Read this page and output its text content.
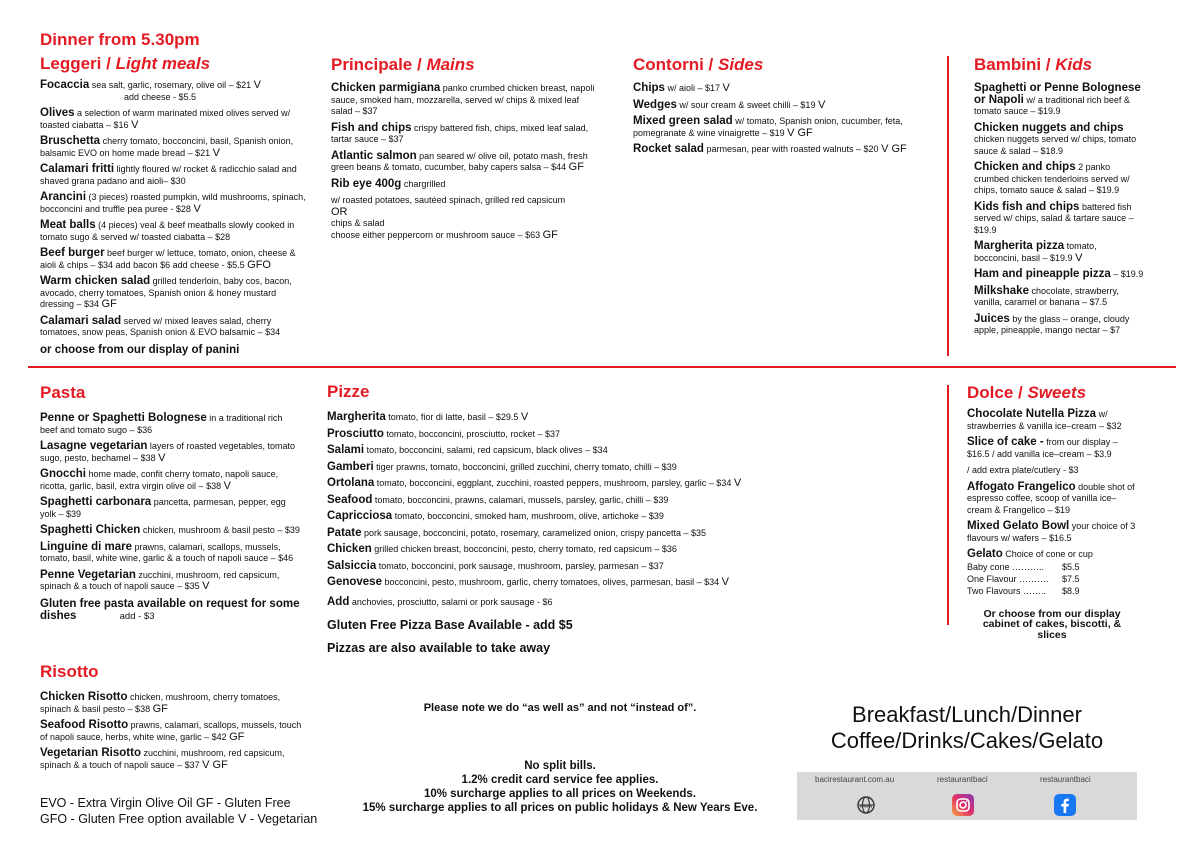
Dinner from 5.30pm
Leggeri / Light meals
Focaccia sea salt, garlic, rosemary, olive oil – $21 V
add cheese - $5.5
Olives a selection of warm marinated mixed olives served w/ toasted ciabatta – $16 V
Bruschetta cherry tomato, bocconcini, basil, Spanish onion, balsamic EVO on home made bread – $21 V
Calamari fritti lightly floured w/ rocket & radicchio salad and shaved grana padano and aioli– $30
Arancini (3 pieces) roasted pumpkin, wild mushrooms, spinach, bocconcini and truffle pea puree - $28 V
Meat balls (4 pieces) veal & beef meatballs slowly cooked in tomato sugo & served w/ toasted ciabatta – $28
Beef burger beef burger w/ lettuce, tomato, onion, cheese & aioli & chips – $34 add bacon $6 add cheese - $5.5 GFO
Warm chicken salad grilled tenderloin, baby cos, bacon, avocado, cherry tomatoes, Spanish onion & honey mustard dressing – $34 GF
Calamari salad served w/ mixed leaves salad, cherry tomatoes, snow peas, Spanish onion & EVO balsamic – $34
or choose from our display of panini
Principale / Mains
Chicken parmigiana panko crumbed chicken breast, napoli sauce, smoked ham, mozzarella, served w/ chips & mixed leaf salad – $37
Fish and chips crispy battered fish, chips, mixed leaf salad, tartar sauce – $37
Atlantic salmon pan seared w/ olive oil, potato mash, fresh green beans & tomato, cucumber, baby capers salsa – $44 GF
Rib eye 400g chargrilled
w/ roasted potatoes, sautéed spinach, grilled red capsicum
OR
chips & salad
choose either peppercorn or mushroom sauce – $63 GF
Contorni / Sides
Chips w/ aioli – $17 V
Wedges w/ sour cream & sweet chilli – $19 V
Mixed green salad w/ tomato, Spanish onion, cucumber, feta, pomegranate & wine vinaigrette – $19 V GF
Rocket salad parmesan, pear with roasted walnuts – $20 V GF
Bambini / Kids
Spaghetti or Penne Bolognese or Napoli w/ a traditional rich beef & tomato sauce – $19.9
Chicken nuggets and chips chicken nuggets served w/ chips, tomato sauce & salad – $18.9
Chicken and chips 2 panko crumbed chicken tenderloins served w/ chips, tomato sauce & salad – $19.9
Kids fish and chips battered fish served w/ chips, salad & tartare sauce – $19.9
Margherita pizza tomato, bocconcini, basil – $19.9 V
Ham and pineapple pizza – $19.9
Milkshake chocolate, strawberry, vanilla, caramel or banana – $7.5
Juices by the glass – orange, cloudy apple, pineapple, mango nectar – $7
Pasta
Penne or Spaghetti Bolognese in a traditional rich beef and tomato sugo – $36
Lasagne vegetarian layers of roasted vegetables, tomato sugo, pesto, bechamel – $38 V
Gnocchi home made, confit cherry tomato, napoli sauce, ricotta, garlic, basil, extra virgin olive oil – $38 V
Spaghetti carbonara pancetta, parmesan, pepper, egg yolk – $39
Spaghetti Chicken chicken, mushroom & basil pesto – $39
Linguine di mare prawns, calamari, scallops, mussels, tomato, basil, white wine, garlic & a touch of napoli sauce – $46
Penne Vegetarian zucchini, mushroom, red capsicum, spinach & a touch of napoli sauce – $35 V
Gluten free pasta available on request for some dishes	add - $3
Risotto
Chicken Risotto chicken, mushroom, cherry tomatoes, spinach & basil pesto – $38 GF
Seafood Risotto prawns, calamari, scallops, mussels, touch of napoli sauce, herbs, white wine, garlic – $42 GF
Vegetarian Risotto zucchini, mushroom, red capsicum, spinach & a touch of napoli sauce – $37 V GF
Pizze
Margherita tomato, fior di latte, basil – $29.5 V
Prosciutto tomato, bocconcini, prosciutto, rocket – $37
Salami tomato, bocconcini, salami, red capsicum, black olives – $34
Gamberi tiger prawns, tomato, bocconcini, grilled zucchini, cherry tomato, chilli – $39
Ortolana tomato, bocconcini, eggplant, zucchini, roasted peppers, mushroom, parsley, garlic – $34 V
Seafood tomato, bocconcini, prawns, calamari, mussels, parsley, garlic, chilli – $39
Capricciosa tomato, bocconcini, smoked ham, mushroom, olive, artichoke – $39
Patate pork sausage, bocconcini, potato, rosemary, caramelized onion, crispy pancetta – $35
Chicken grilled chicken breast, bocconcini, pesto, cherry tomato, red capsicum – $36
Salsiccia tomato, bocconcini, pork sausage, mushroom, parsley, parmesan – $37
Genovese bocconcini, pesto, mushroom, garlic, cherry tomatoes, olives, parmesan, basil – $34 V
Add anchovies, prosciutto, salami or pork sausage - $6
Gluten Free Pizza Base Available - add $5
Pizzas are also available to take away
Dolce / Sweets
Chocolate Nutella Pizza w/ strawberries & vanilla ice–cream – $32
Slice of cake - from our display – $16.5 / add vanilla ice–cream – $3.9
/ add extra plate/cutlery - $3
Affogato Frangelico double shot of espresso coffee, scoop of vanilla ice–cream & Frangelico – $19
Mixed Gelato Bowl your choice of 3 flavours w/ wafers – $16.5
Gelato Choice of cone or cup
Baby cone ………..	$5.5
One Flavour ……….	$7.5
Two Flavours ……..	$8.9
Or choose from our display cabinet of cakes, biscotti, & slices
Please note we do “as well as” and not “instead of”.
No split bills.
1.2% credit card service fee applies.
10% surcharge applies to all prices on Weekends.
15% surcharge applies to all prices on public holidays & New Years Eve.
EVO - Extra Virgin Olive Oil GF - Gluten Free
GFO - Gluten Free option available V - Vegetarian
Breakfast/Lunch/Dinner
Coffee/Drinks/Cakes/Gelato
bacirestaurant.com.au	restaurantbaci	restaurantbaci
www
